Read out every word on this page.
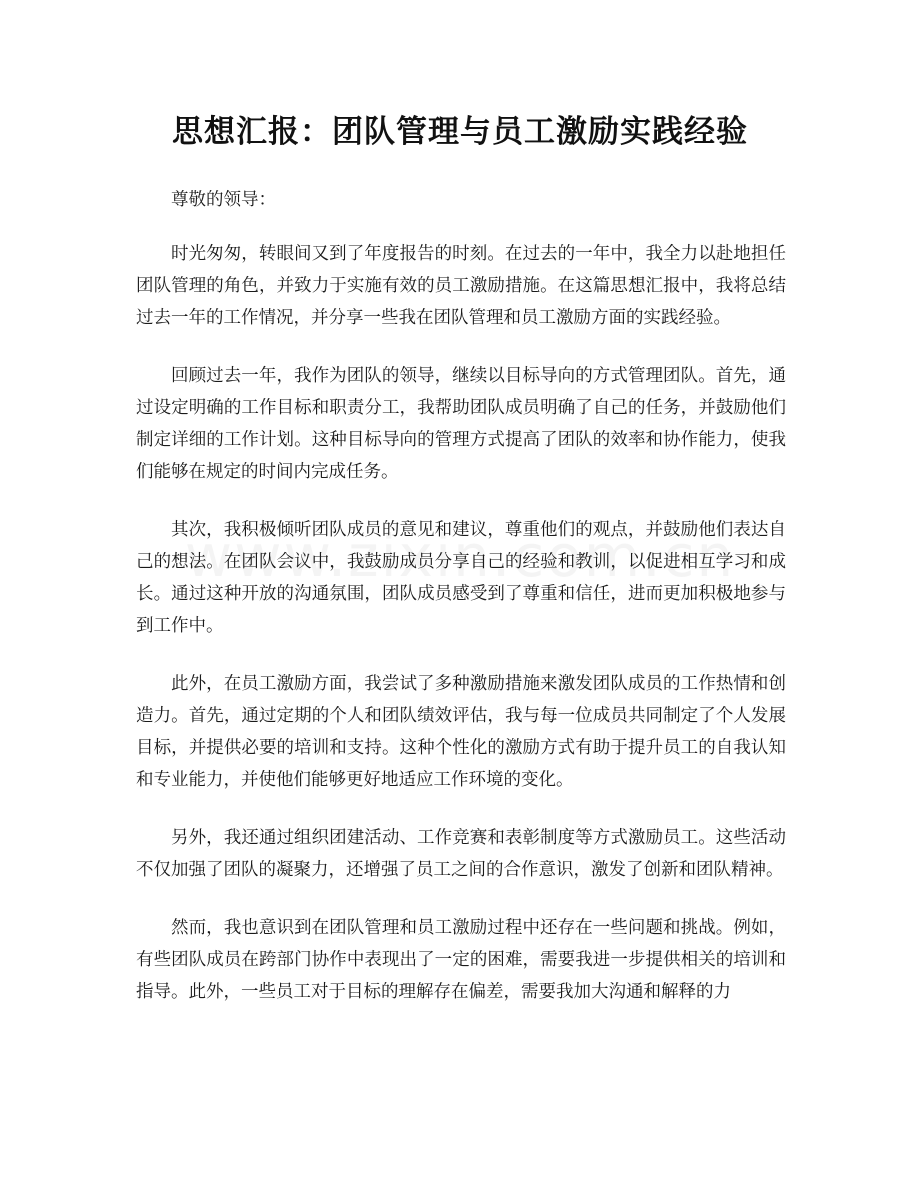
思想汇报：团队管理与员工激励实践经验

尊敬的领导：

时光匆匆，转眼间又到了年度报告的时刻。在过去的一年中，我全力以赴地担任团队管理的角色，并致力于实施有效的员工激励措施。在这篇思想汇报中，我将总结过去一年的工作情况，并分享一些我在团队管理和员工激励方面的实践经验。

回顾过去一年，我作为团队的领导，继续以目标导向的方式管理团队。首先，通过设定明确的工作目标和职责分工，我帮助团队成员明确了自己的任务，并鼓励他们制定详细的工作计划。这种目标导向的管理方式提高了团队的效率和协作能力，使我们能够在规定的时间内完成任务。

其次，我积极倾听团队成员的意见和建议，尊重他们的观点，并鼓励他们表达自己的想法。在团队会议中，我鼓励成员分享自己的经验和教训，以促进相互学习和成长。通过这种开放的沟通氛围，团队成员感受到了尊重和信任，进而更加积极地参与到工作中。

此外，在员工激励方面，我尝试了多种激励措施来激发团队成员的工作热情和创造力。首先，通过定期的个人和团队绩效评估，我与每一位成员共同制定了个人发展目标，并提供必要的培训和支持。这种个性化的激励方式有助于提升员工的自我认知和专业能力，并使他们能够更好地适应工作环境的变化。

另外，我还通过组织团建活动、工作竞赛和表彰制度等方式激励员工。这些活动不仅加强了团队的凝聚力，还增强了员工之间的合作意识，激发了创新和团队精神。

然而，我也意识到在团队管理和员工激励过程中还存在一些问题和挑战。例如，有些团队成员在跨部门协作中表现出了一定的困难，需要我进一步提供相关的培训和指导。此外，一些员工对于目标的理解存在偏差，需要我加大沟通和解释的力
